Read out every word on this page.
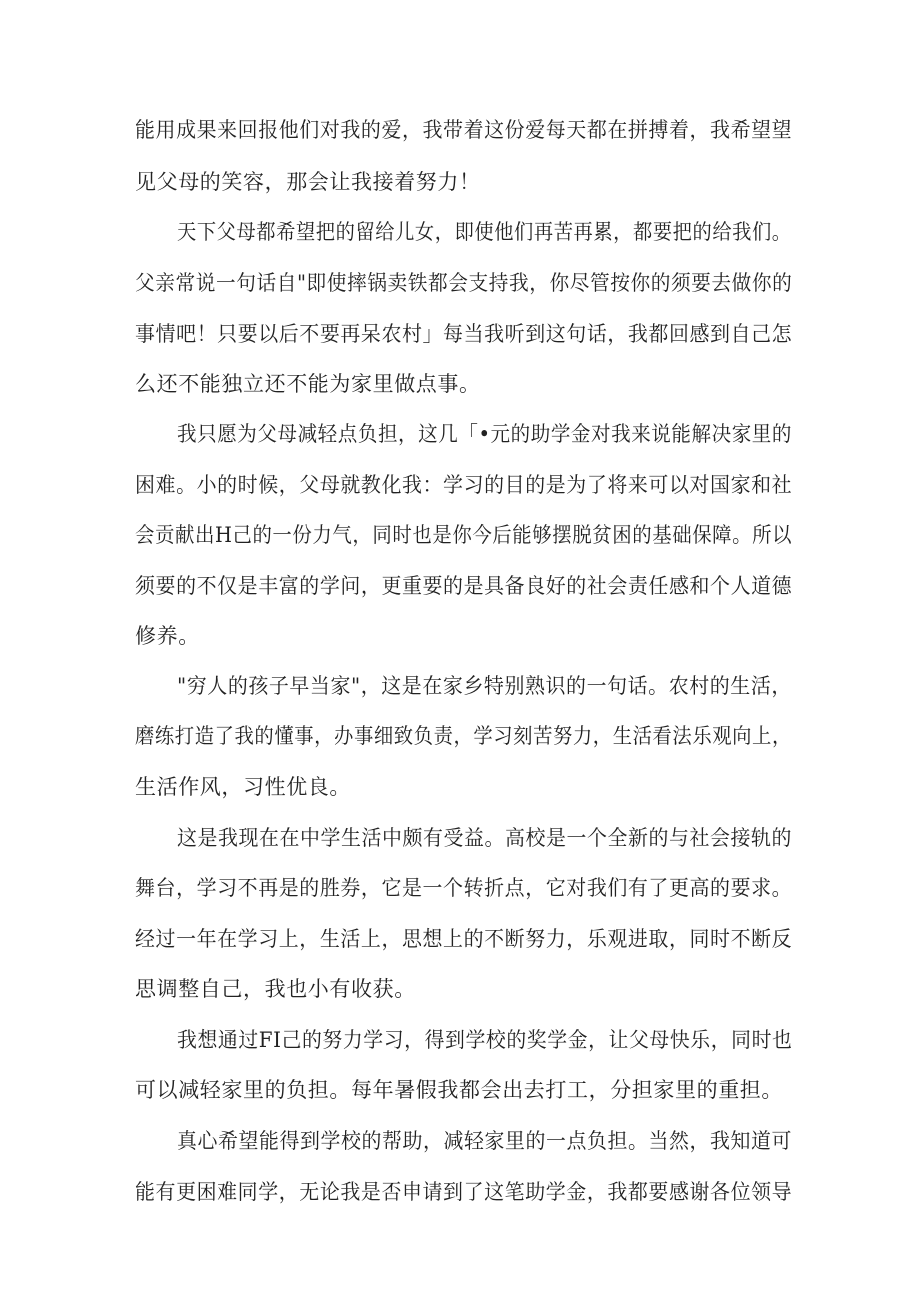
能用成果来回报他们对我的爱，我带着这份爱每天都在拼搏着，我希望望
见父母的笑容，那会让我接着努力！
天下父母都希望把的留给儿女，即使他们再苦再累，都要把的给我们。
父亲常说一句话自"即使摔锅卖铁都会支持我，你尽管按你的须要去做你的
事情吧！只要以后不要再呆农村」每当我听到这句话，我都回感到自己怎
么还不能独立还不能为家里做点事。
我只愿为父母减轻点负担，这几「•元的助学金对我来说能解决家里的
困难。小的时候，父母就教化我：学习的目的是为了将来可以对国家和社
会贡献出H己的一份力气，同时也是你今后能够摆脱贫困的基础保障。所以
须要的不仅是丰富的学问，更重要的是具备良好的社会责任感和个人道德
修养。
"穷人的孩子早当家"，这是在家乡特别熟识的一句话。农村的生活，
磨练打造了我的懂事，办事细致负责，学习刻苦努力，生活看法乐观向上，
生活作风，习性优良。
这是我现在在中学生活中颇有受益。高校是一个全新的与社会接轨的
舞台，学习不再是的胜券，它是一个转折点，它对我们有了更高的要求。
经过一年在学习上，生活上，思想上的不断努力，乐观进取，同时不断反
思调整自己，我也小有收获。
我想通过FI己的努力学习，得到学校的奖学金，让父母快乐，同时也
可以减轻家里的负担。每年暑假我都会出去打工，分担家里的重担。
真心希望能得到学校的帮助，减轻家里的一点负担。当然，我知道可
能有更困难同学，无论我是否申请到了这笔助学金，我都要感谢各位领导
